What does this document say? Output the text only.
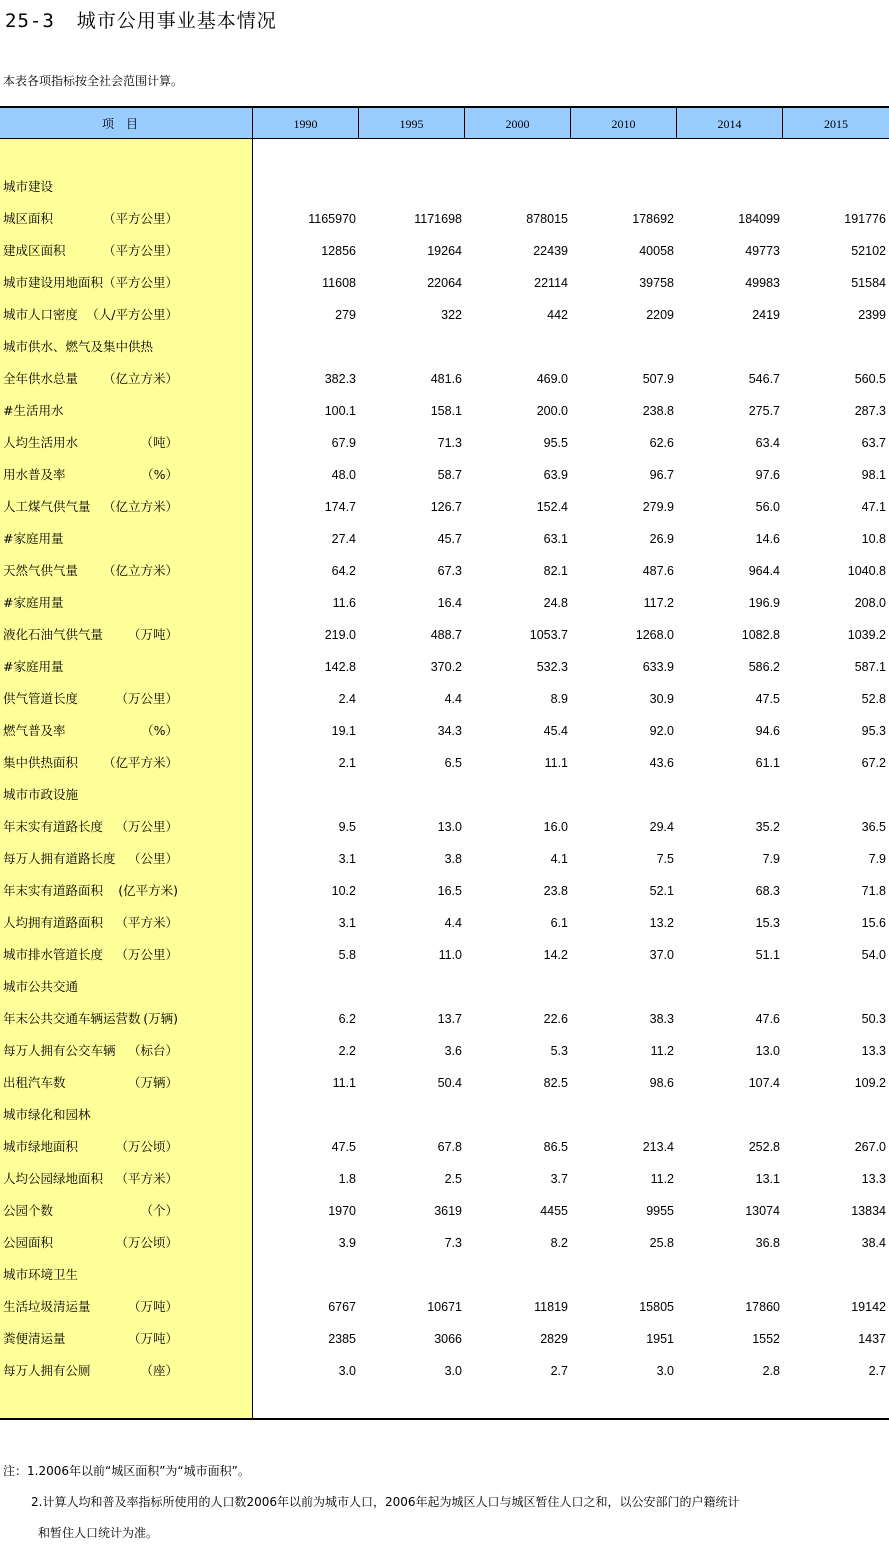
25-3 城市公用事业基本情况
本表各项指标按全社会范围计算。
项目	1990	1995	2000	2010	2014	2015
城市建设
城区面积	（平方公里）	1165970	1171698	878015	178692	184099	191776
建成区面积	（平方公里）	12856	19264	22439	40058	49773	52102
城市建设用地面积 （平方公里）	11608	22064	22114	39758	49983	51584
城市人口密度 （人/平方公里）	279	322	442	2209	2419	2399
城市供水、燃气及集中供热
全年供水总量 （亿立方米）	382.3	481.6	469.0	507.9	546.7	560.5
#生活用水	100.1	158.1	200.0	238.8	275.7	287.3
人均生活用水	（吨）	67.9	71.3	95.5	62.6	63.4	63.7
用水普及率	（%）	48.0	58.7	63.9	96.7	97.6	98.1
人工煤气供气量 （亿立方米）	174.7	126.7	152.4	279.9	56.0	47.1
#家庭用量	27.4	45.7	63.1	26.9	14.6	10.8
天然气供气量 （亿立方米）	64.2	67.3	82.1	487.6	964.4	1040.8
#家庭用量	11.6	16.4	24.8	117.2	196.9	208.0
液化石油气供气量 （万吨）	219.0	488.7	1053.7	1268.0	1082.8	1039.2
#家庭用量	142.8	370.2	532.3	633.9	586.2	587.1
供气管道长度	（万公里）	2.4	4.4	8.9	30.9	47.5	52.8
燃气普及率	（%）	19.1	34.3	45.4	92.0	94.6	95.3
集中供热面积 （亿平方米）	2.1	6.5	11.1	43.6	61.1	67.2
城市市政设施
年末实有道路长度 （万公里）	9.5	13.0	16.0	29.4	35.2	36.5
每万人拥有道路长度 （公里）	3.1	3.8	4.1	7.5	7.9	7.9
年末实有道路面积 (亿平方米)	10.2	16.5	23.8	52.1	68.3	71.8
人均拥有道路面积 （平方米）	3.1	4.4	6.1	13.2	15.3	15.6
城市排水管道长度 （万公里）	5.8	11.0	14.2	37.0	51.1	54.0
城市公共交通
年末公共交通车辆运营数 (万辆)	6.2	13.7	22.6	38.3	47.6	50.3
每万人拥有公交车辆 （标台）	2.2	3.6	5.3	11.2	13.0	13.3
出租汽车数	（万辆）	11.1	50.4	82.5	98.6	107.4	109.2
城市绿化和园林
城市绿地面积	（万公顷）	47.5	67.8	86.5	213.4	252.8	267.0
人均公园绿地面积 （平方米）	1.8	2.5	3.7	11.2	13.1	13.3
公园个数	（个）	1970	3619	4455	9955	13074	13834
公园面积	（万公顷）	3.9	7.3	8.2	25.8	36.8	38.4
城市环境卫生
生活垃圾清运量	（万吨）	6767	10671	11819	15805	17860	19142
粪便清运量	（万吨）	2385	3066	2829	1951	1552	1437
每万人拥有公厕	（座）	3.0	3.0	2.7	3.0	2.8	2.7
注：1.2006年以前“城区面积”为“城市面积”。
2.计算人均和普及率指标所使用的人口数2006年以前为城市人口，2006年起为城区人口与城区暂住人口之和，以公安部门的户籍统计
和暂住人口统计为准。
